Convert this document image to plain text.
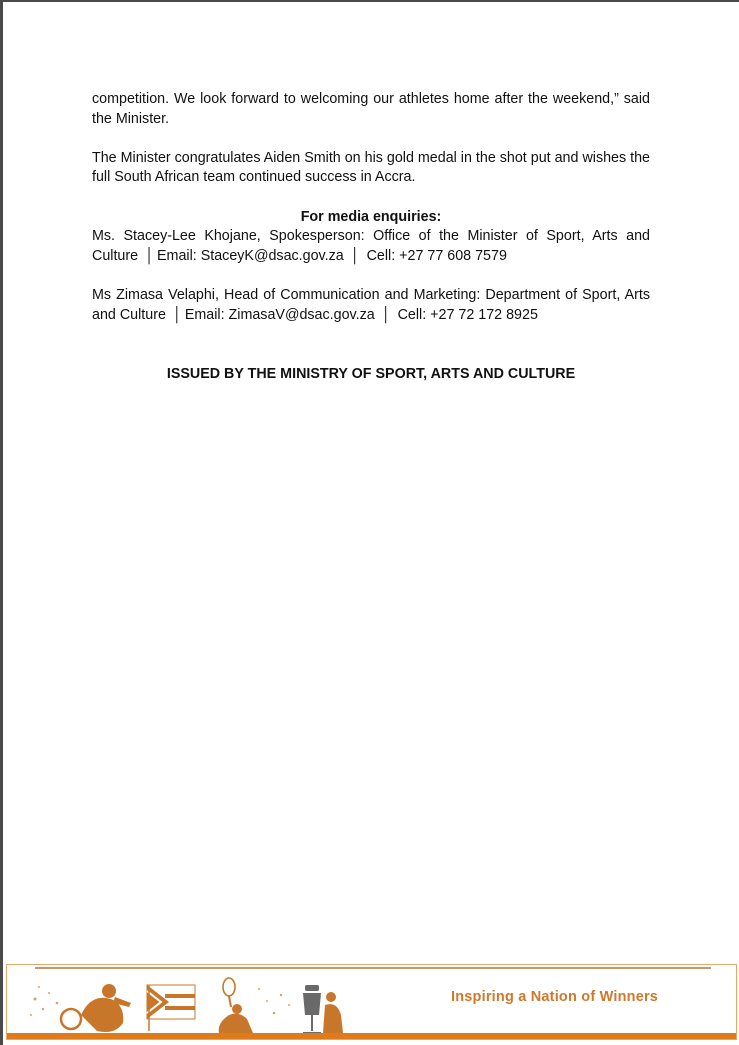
competition. We look forward to welcoming our athletes home after the weekend,” said the Minister.

The Minister congratulates Aiden Smith on his gold medal in the shot put and wishes the full South African team continued success in Accra.

For media enquiries:

Ms. Stacey-Lee Khojane, Spokesperson: Office of the Minister of Sport, Arts and Culture │ Email: StaceyK@dsac.gov.za │ Cell: +27 77 608 7579

Ms Zimasa Velaphi, Head of Communication and Marketing: Department of Sport, Arts and Culture │ Email: ZimasaV@dsac.gov.za │ Cell: +27 72 172 8925

ISSUED BY THE MINISTRY OF SPORT, ARTS AND CULTURE
Inspiring a Nation of Winners
